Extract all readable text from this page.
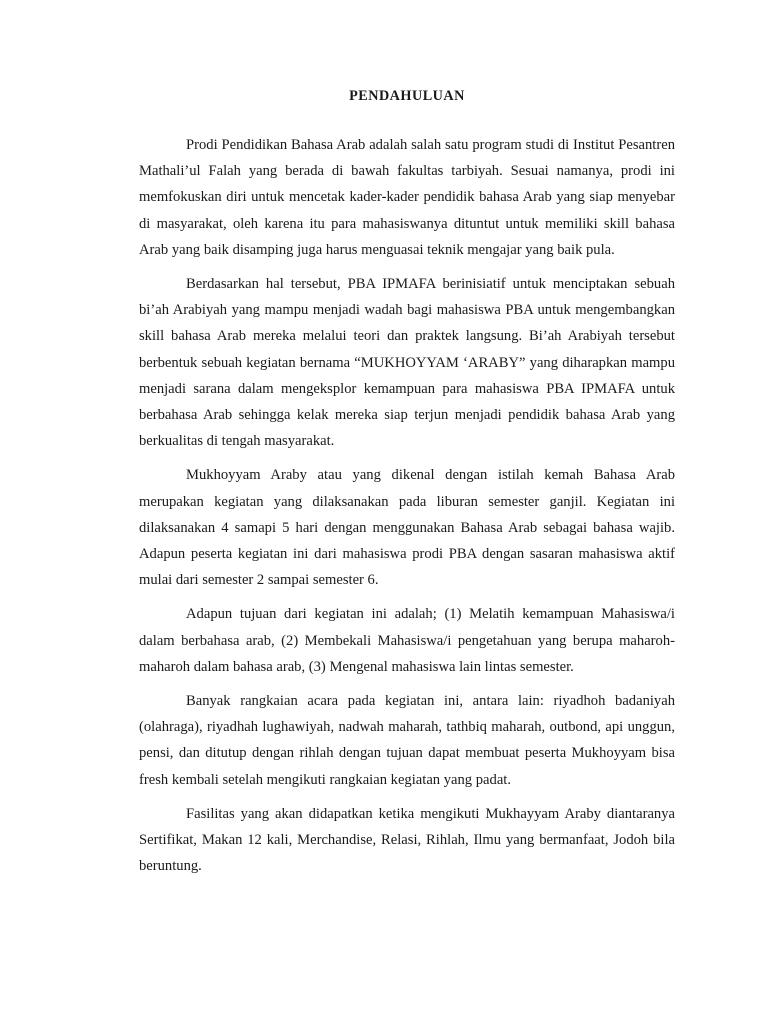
PENDAHULUAN

Prodi Pendidikan Bahasa Arab adalah salah satu program studi di Institut Pesantren Mathali’ul Falah yang berada di bawah fakultas tarbiyah. Sesuai namanya, prodi ini memfokuskan diri untuk mencetak kader-kader pendidik bahasa Arab yang siap menyebar di masyarakat, oleh karena itu para mahasiswanya dituntut untuk memiliki skill bahasa Arab yang baik disamping juga harus menguasai teknik mengajar yang baik pula.

Berdasarkan hal tersebut, PBA IPMAFA berinisiatif untuk menciptakan sebuah bi’ah Arabiyah yang mampu menjadi wadah bagi mahasiswa PBA untuk mengembangkan skill bahasa Arab mereka melalui teori dan praktek langsung. Bi’ah Arabiyah tersebut berbentuk sebuah kegiatan bernama “MUKHOYYAM ‘ARABY” yang diharapkan mampu menjadi sarana dalam mengeksplor kemampuan para mahasiswa PBA IPMAFA untuk berbahasa Arab sehingga kelak mereka siap terjun menjadi pendidik bahasa Arab yang berkualitas di tengah masyarakat.

Mukhoyyam Araby atau yang dikenal dengan istilah kemah Bahasa Arab merupakan kegiatan yang dilaksanakan pada liburan semester ganjil. Kegiatan ini dilaksanakan 4 samapi 5 hari dengan menggunakan Bahasa Arab sebagai bahasa wajib. Adapun peserta kegiatan ini dari mahasiswa prodi PBA dengan sasaran mahasiswa aktif mulai dari semester 2 sampai semester 6.

Adapun tujuan dari kegiatan ini adalah; (1) Melatih kemampuan Mahasiswa/i dalam berbahasa arab, (2) Membekali Mahasiswa/i pengetahuan yang berupa maharoh-maharoh dalam bahasa arab, (3) Mengenal mahasiswa lain lintas semester.

Banyak rangkaian acara pada kegiatan ini, antara lain: riyadhoh badaniyah (olahraga), riyadhah lughawiyah, nadwah maharah, tathbiq maharah, outbond, api unggun, pensi, dan ditutup dengan rihlah dengan tujuan dapat membuat peserta Mukhoyyam bisa fresh kembali setelah mengikuti rangkaian kegiatan yang padat.

Fasilitas yang akan didapatkan ketika mengikuti Mukhayyam Araby diantaranya Sertifikat, Makan 12 kali, Merchandise, Relasi, Rihlah, Ilmu yang bermanfaat, Jodoh bila beruntung.
